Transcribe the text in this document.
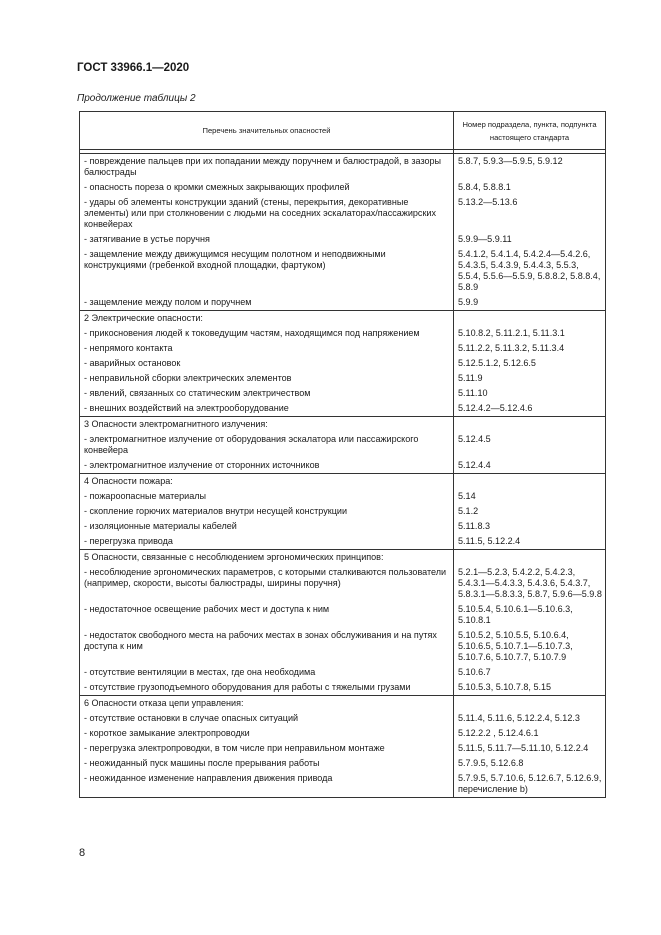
ГОСТ 33966.1—2020
Продолжение таблицы 2
Перечень значительных опасностей	Номер подраздела, пункта, подпункта настоящего стандарта

- повреждение пальцев при их попадании между поручнем и балюстрадой, в зазоры балюстрады	5.8.7, 5.9.3—5.9.5, 5.9.12
- опасность пореза о кромки смежных закрывающих профилей	5.8.4, 5.8.8.1
- удары об элементы конструкции зданий (стены, перекрытия, декоративные элементы) или при столкновении с людьми на соседних эскалаторах/пассажирских конвейерах	5.13.2—5.13.6
- затягивание в устье поручня	5.9.9—5.9.11
- защемление между движущимся несущим полотном и неподвижными конструкциями (гребенкой входной площадки, фартуком)	5.4.1.2, 5.4.1.4, 5.4.2.4—5.4.2.6, 5.4.3.5, 5.4.3.9, 5.4.4.3, 5.5.3, 5.5.4, 5.5.6—5.5.9, 5.8.8.2, 5.8.8.4, 5.8.9
- защемление между полом и поручнем	5.9.9
2 Электрические опасности:	
- прикосновения людей к токоведущим частям, находящимся под напряжением	5.10.8.2, 5.11.2.1, 5.11.3.1
- непрямого контакта	5.11.2.2, 5.11.3.2, 5.11.3.4
- аварийных остановок	5.12.5.1.2, 5.12.6.5
- неправильной сборки электрических элементов	5.11.9
- явлений, связанных со статическим электричеством	5.11.10
- внешних воздействий на электрооборудование	5.12.4.2—5.12.4.6
3 Опасности электромагнитного излучения:	
- электромагнитное излучение от оборудования эскалатора или пассажирского конвейера	5.12.4.5
- электромагнитное излучение от сторонних источников	5.12.4.4
4 Опасности пожара:	
- пожароопасные материалы	5.14
- скопление горючих материалов внутри несущей конструкции	5.1.2
- изоляционные материалы кабелей	5.11.8.3
- перегрузка привода	5.11.5, 5.12.2.4
5 Опасности, связанные с несоблюдением эргономических принципов:	
- несоблюдение эргономических параметров, с которыми сталкиваются пользователи (например, скорости, высоты балюстрады, ширины поручня)	5.2.1—5.2.3, 5.4.2.2, 5.4.2.3, 5.4.3.1—5.4.3.3, 5.4.3.6, 5.4.3.7, 5.8.3.1—5.8.3.3, 5.8.7, 5.9.6—5.9.8
- недостаточное освещение рабочих мест и доступа к ним	5.10.5.4, 5.10.6.1—5.10.6.3, 5.10.8.1
- недостаток свободного места на рабочих местах в зонах обслуживания и на путях доступа к ним	5.10.5.2, 5.10.5.5, 5.10.6.4, 5.10.6.5, 5.10.7.1—5.10.7.3, 5.10.7.6, 5.10.7.7, 5.10.7.9
- отсутствие вентиляции в местах, где она необходима	5.10.6.7
- отсутствие грузоподъемного оборудования для работы с тяжелыми грузами	5.10.5.3, 5.10.7.8, 5.15
6 Опасности отказа цепи управления:	
- отсутствие остановки в случае опасных ситуаций	5.11.4, 5.11.6, 5.12.2.4, 5.12.3
- короткое замыкание электропроводки	5.12.2.2 , 5.12.4.6.1
- перегрузка электропроводки, в том числе при неправильном монтаже	5.11.5, 5.11.7—5.11.10, 5.12.2.4
- неожиданный пуск машины после прерывания работы	5.7.9.5, 5.12.6.8
- неожиданное изменение направления движения привода	5.7.9.5, 5.7.10.6, 5.12.6.7, 5.12.6.9, перечисление b)
8
